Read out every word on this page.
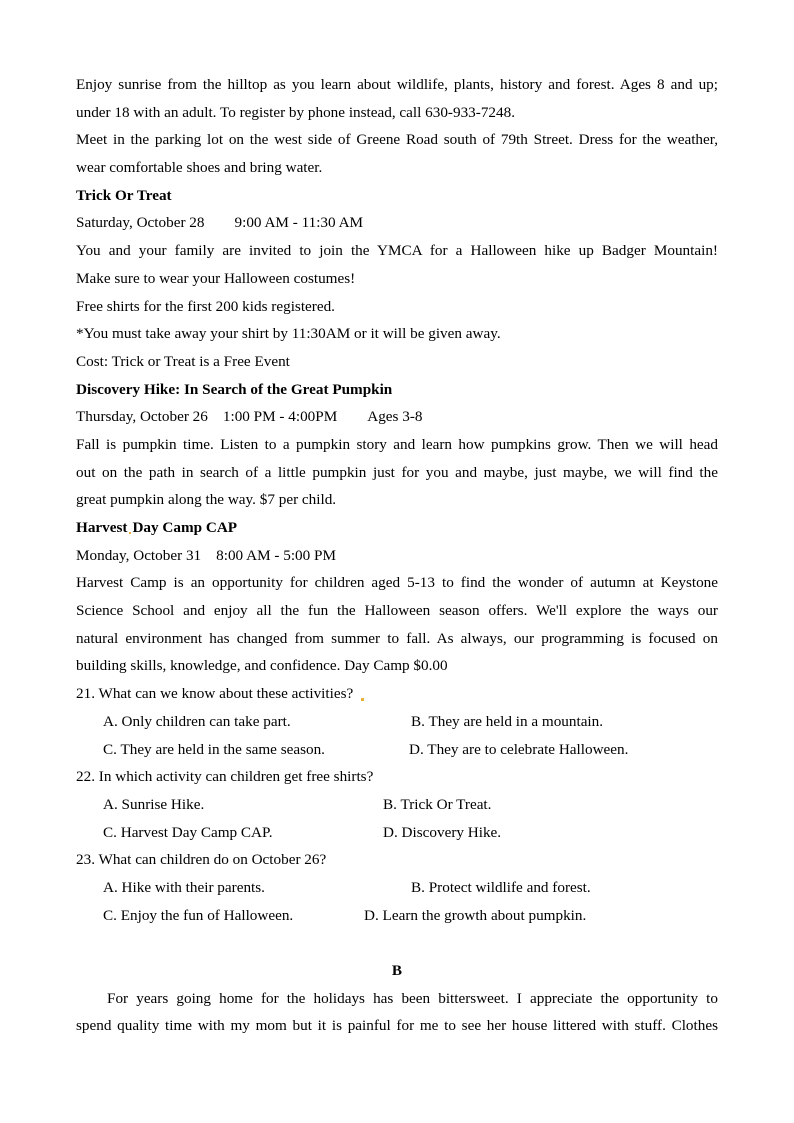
Enjoy sunrise from the hilltop as you learn about wildlife, plants, history and forest. Ages 8 and up;
under 18 with an adult. To register by phone instead, call 630-933-7248.
Meet in the parking lot on the west side of Greene Road south of 79th Street. Dress for the weather,
wear comfortable shoes and bring water.
Trick Or Treat
Saturday, October 28 9:00 AM - 11:30 AM
You and your family are invited to join the YMCA for a Halloween hike up Badger Mountain!
Make sure to wear your Halloween costumes!
Free shirts for the first 200 kids registered.
*You must take away your shirt by 11:30AM or it will be given away.
Cost: Trick or Treat is a Free Event
Discovery Hike: In Search of the Great Pumpkin
Thursday, October 26 1:00 PM - 4:00PM Ages 3-8
Fall is pumpkin time. Listen to a pumpkin story and learn how pumpkins grow. Then we will head
out on the path in search of a little pumpkin just for you and maybe, just maybe, we will find the
great pumpkin along the way. $7 per child.
Harvest Day Camp CAP
Monday, October 31 8:00 AM - 5:00 PM
Harvest Camp is an opportunity for children aged 5-13 to find the wonder of autumn at Keystone
Science School and enjoy all the fun the Halloween season offers. We'll explore the ways our
natural environment has changed from summer to fall. As always, our programming is focused on
building skills, knowledge, and confidence. Day Camp $0.00
21. What can we know about these activities?
A. Only children can take part.	B. They are held in a mountain.
C. They are held in the same season.	D. They are to celebrate Halloween.
22. In which activity can children get free shirts?
A. Sunrise Hike.	B. Trick Or Treat.
C. Harvest Day Camp CAP.	D. Discovery Hike.
23. What can children do on October 26?
A. Hike with their parents.	B. Protect wildlife and forest.
C. Enjoy the fun of Halloween.	D. Learn the growth about pumpkin.
B
For years going home for the holidays has been bittersweet. I appreciate the opportunity to
spend quality time with my mom but it is painful for me to see her house littered with stuff. Clothes
